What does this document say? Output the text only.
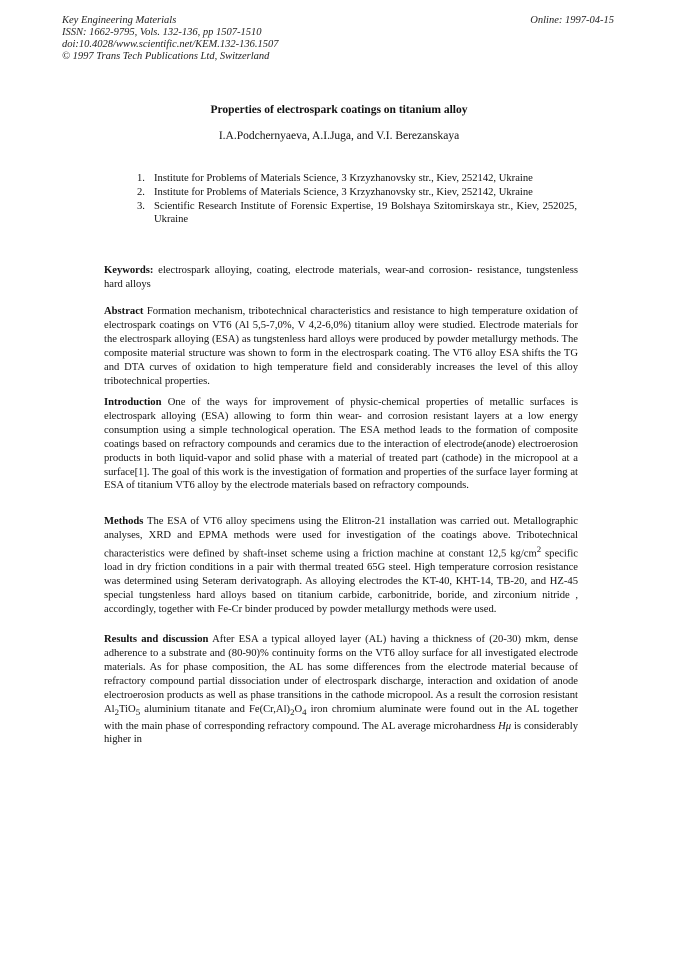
Key Engineering Materials
ISSN: 1662-9795, Vols. 132-136, pp 1507-1510
doi:10.4028/www.scientific.net/KEM.132-136.1507
© 1997 Trans Tech Publications Ltd, Switzerland
Online: 1997-04-15
Properties of electrospark coatings on titanium alloy
I.A.Podchernyaeva, A.I.Juga, and V.I. Berezanskaya
1. Institute for Problems of Materials Science, 3 Krzyzhanovsky str., Kiev, 252142, Ukraine
2. Institute for Problems of Materials Science, 3 Krzyzhanovsky str., Kiev, 252142, Ukraine
3. Scientific Research Institute of Forensic Expertise, 19 Bolshaya Szitomirskaya str., Kiev, 252025, Ukraine

Keywords: electrospark alloying, coating, electrode materials, wear-and corrosion- resistance, tungstenless hard alloys

Abstract Formation mechanism, tribotechnical characteristics and resistance to high temperature oxidation of electrospark coatings on VT6 (Al 5,5-7,0%, V 4,2-6,0%) titanium alloy were studied. Electrode materials for the electrospark alloying (ESA) as tungstenless hard alloys were produced by powder metallurgy methods. The composite material structure was shown to form in the electrospark coating. The VT6 alloy ESA shifts the TG and DTA curves of oxidation to high temperature field and considerably increases the level of this alloy tribotechnical properties.

Introduction One of the ways for improvement of physic-chemical properties of metallic surfaces is electrospark alloying (ESA) allowing to form thin wear- and corrosion resistant layers at a low energy consumption using a simple technological operation. The ESA method leads to the formation of composite coatings based on refractory compounds and ceramics due to the interaction of electrode(anode) electroerosion products in both liquid-vapor and solid phase with a material of treated part (cathode) in the micropool at a surface[1]. The goal of this work is the investigation of formation and properties of the surface layer forming at ESA of titanium VT6 alloy by the electrode materials based on refractory compounds.

Methods The ESA of VT6 alloy specimens using the Elitron-21 installation was carried out. Metallographic analyses, XRD and EPMA methods were used for investigation of the coatings above. Tribotechnical characteristics were defined by shaft-inset scheme using a friction machine at constant 12,5 $kg/cm^2$ specific load in dry friction conditions in a pair with thermal treated 65G steel. High temperature corrosion resistance was determined using Seteram derivatograph. As alloying electrodes the KT-40, KHT-14, TB-20, and HZ-45 special tungstenless hard alloys based on titanium carbide, carbonitride, boride, and zirconium nitride , accordingly, together with Fe-Cr binder produced by powder metallurgy methods were used.

Results and discussion After ESA a typical alloyed layer (AL) having a thickness of (20-30) mkm, dense adherence to a substrate and (80-90)% continuity forms on the VT6 alloy surface for all investigated electrode materials. As for phase composition, the AL has some differences from the electrode material because of refractory compound partial dissociation under of electrospark discharge, interaction and oxidation of anode electroerosion products as well as phase transitions in the cathode micropool. As a result the corrosion resistant $Al_2TiO_5$ aluminium titanate and $Fe(Cr,Al)_2O_4$ iron chromium aluminate were found out in the AL together with the main phase of corresponding refractory compound. The AL average microhardness Hμ is considerably higher in
